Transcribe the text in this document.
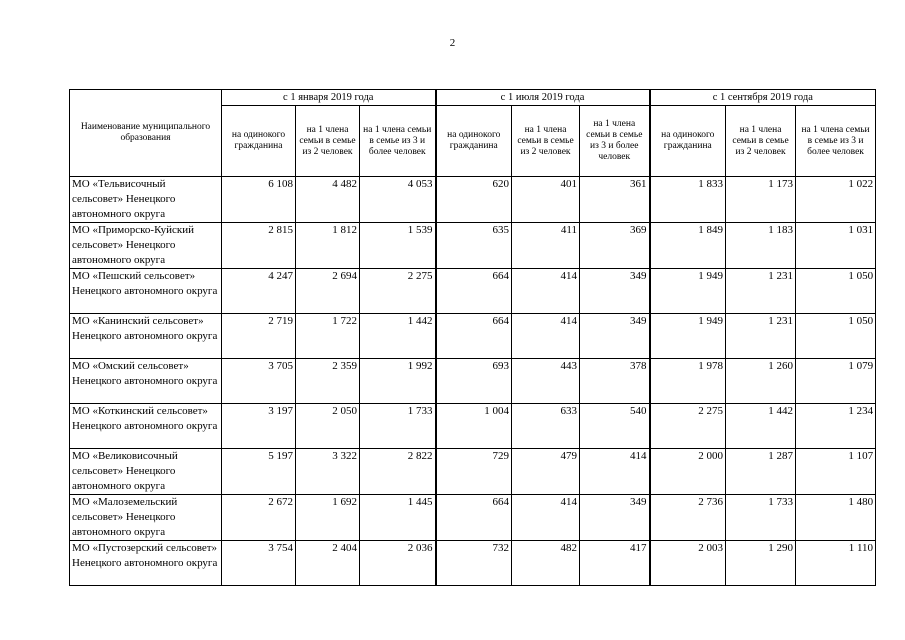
2
Наименование муниципального образования	с 1 января 2019 года			с 1 июля 2019 года			с 1 сентября 2019 года		
	на одинокого гражданина	на 1 члена семьи в семье из 2 человек	на 1 члена семьи в семье из 3 и более человек	на одинокого гражданина	на 1 члена семьи в семье из 2 человек	на 1 члена семьи в семье из 3 и более человек	на одинокого гражданина	на 1 члена семьи в семье из 2 человек	на 1 члена семьи в семье из 3 и более человек
МО «Тельвисочный сельсовет» Ненецкого автономного округа	6 108	4 482	4 053	620	401	361	1 833	1 173	1 022
МО «Приморско-Куйский сельсовет» Ненецкого автономного округа	2 815	1 812	1 539	635	411	369	1 849	1 183	1 031
МО «Пешский сельсовет» Ненецкого автономного округа	4 247	2 694	2 275	664	414	349	1 949	1 231	1 050
МО «Канинский сельсовет» Ненецкого автономного округа	2 719	1 722	1 442	664	414	349	1 949	1 231	1 050
МО «Омский сельсовет» Ненецкого автономного округа	3 705	2 359	1 992	693	443	378	1 978	1 260	1 079
МО «Коткинский сельсовет» Ненецкого автономного округа	3 197	2 050	1 733	1 004	633	540	2 275	1 442	1 234
МО «Великовисочный сельсовет» Ненецкого автономного округа	5 197	3 322	2 822	729	479	414	2 000	1 287	1 107
МО «Малоземельский сельсовет» Ненецкого автономного округа	2 672	1 692	1 445	664	414	349	2 736	1 733	1 480
МО «Пустозерский сельсовет» Ненецкого автономного округа	3 754	2 404	2 036	732	482	417	2 003	1 290	1 110
